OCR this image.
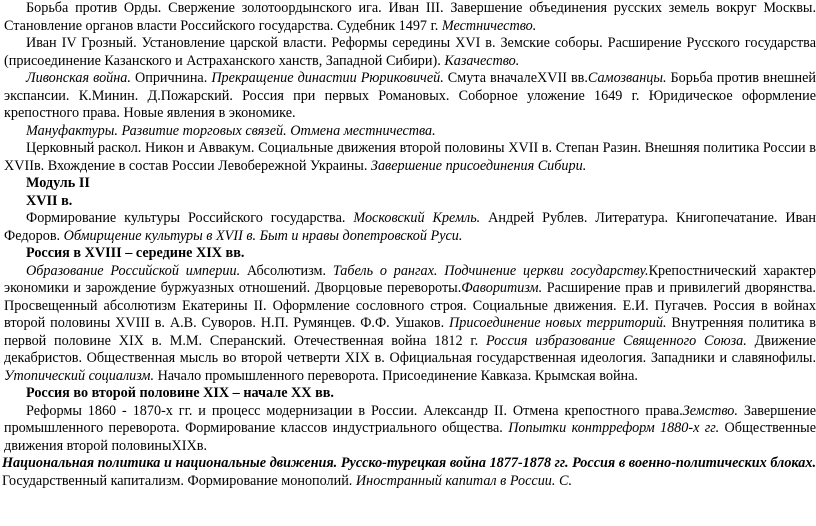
Борьба против Орды. Свержение золотоордынского ига. Иван III. Завершение объединения русских земель вокруг Москвы. Становление органов власти Российского государства. Судебник 1497 г. Местничество.

Иван IV Грозный. Установление царской власти. Реформы середины XVI в. Земские соборы. Расширение Русского государства (присоединение Казанского и Астраханского ханств, Западной Сибири). Казачество.

Ливонская война. Опричнина. Прекращение династии Рюриковичей. Смута вначалеXVII вв.Самозванцы. Борьба против внешней экспансии. К.Минин. Д.Пожарский. Россия при первых Романовых. Соборное уложение 1649 г. Юридическое оформление крепостного права. Новые явления в экономике.

Мануфактуры. Развитие торговых связей. Отмена местничества.

Церковный раскол. Никон и Аввакум. Социальные движения второй половины XVII в. Степан Разин. Внешняя политика России в XVIIв. Вхождение в состав России Левобережной Украины. Завершение присоединения Сибири.

Модуль II

XVII в.

Формирование культуры Российского государства. Московский Кремль. Андрей Рублев. Литература. Книгопечатание. Иван Федоров. Обмирщение культуры в XVII в. Быт и нравы допетровской Руси.

Россия в XVIII – середине XIX вв.

Образование Российской империи. Абсолютизм. Табель о рангах. Подчинение церкви государству.Крепостнический характер экономики и зарождение буржуазных отношений. Дворцовые перевороты.Фаворитизм. Расширение прав и привилегий дворянства. Просвещенный абсолютизм Екатерины II. Оформление сословного строя. Социальные движения. Е.И. Пугачев. Россия в войнах второй половины XVIII в. А.В. Суворов. Н.П. Румянцев. Ф.Ф. Ушаков. Присоединение новых территорий. Внутренняя политика в первой половине XIX в. М.М. Сперанский. Отечественная война 1812 г. Россия избразование Священного Союза. Движение декабристов. Общественная мысль во второй четверти XIX в. Официальная государственная идеология. Западники и славянофилы. Утопический социализм. Начало промышленного переворота. Присоединение Кавказа. Крымская война.

Россия во второй половине XIX – начале XX вв.

Реформы 1860 - 1870-х гг. и процесс модернизации в России. Александр II. Отмена крепостного права.Земство. Завершение промышленного переворота. Формирование классов индустриального общества. Попытки контрреформ 1880-х гг. Общественные движения второй половиныXIXв.

Национальная политика и национальные движения. Русско-турецкая война 1877-1878 гг. Россия в военно-политических блоках. Государственный капитализм. Формирование монополий. Иностранный капитал в России. С.
